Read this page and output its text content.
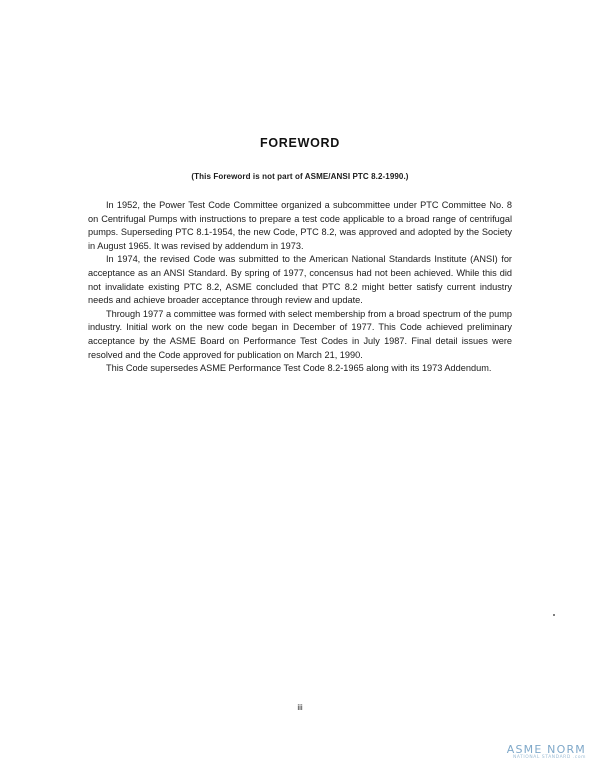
FOREWORD
(This Foreword is not part of ASME/ANSI PTC 8.2-1990.)

In 1952, the Power Test Code Committee organized a subcommittee under PTC Committee No. 8 on Centrifugal Pumps with instructions to prepare a test code applicable to a broad range of centrifugal pumps. Superseding PTC 8.1-1954, the new Code, PTC 8.2, was approved and adopted by the Society in August 1965. It was revised by addendum in 1973.

In 1974, the revised Code was submitted to the American National Standards Institute (ANSI) for acceptance as an ANSI Standard. By spring of 1977, concensus had not been achieved. While this did not invalidate existing PTC 8.2, ASME concluded that PTC 8.2 might better satisfy current industry needs and achieve broader acceptance through review and update.

Through 1977 a committee was formed with select membership from a broad spectrum of the pump industry. Initial work on the new code began in December of 1977. This Code achieved preliminary acceptance by the ASME Board on Performance Test Codes in July 1987. Final detail issues were resolved and the Code approved for publication on March 21, 1990.

This Code supersedes ASME Performance Test Code 8.2-1965 along with its 1973 Addendum.

iii
ASME NORM
NATIONAL STANDARD .com
